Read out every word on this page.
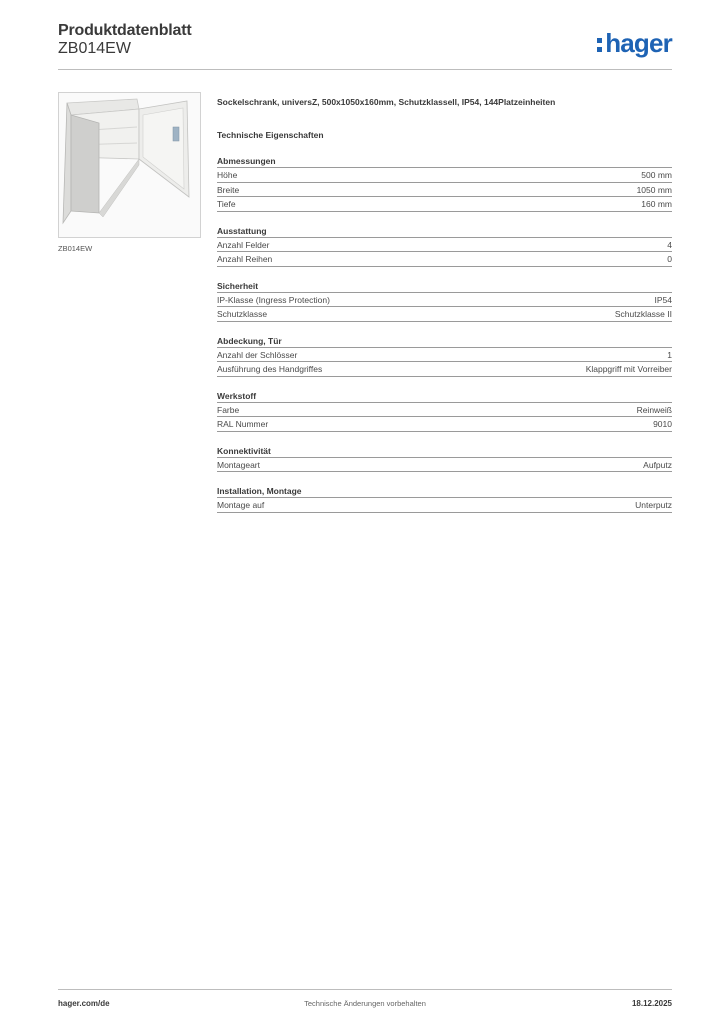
Produktdatenblatt
ZB014EW	hager
ZB014EW
Sockelschrank, universZ, 500x1050x160mm, Schutzklassell, IP54, 144Platzeinheiten
Technische Eigenschaften
Abmessungen
Höhe	500 mm
Breite	1050 mm
Tiefe	160 mm
Ausstattung
Anzahl Felder	4
Anzahl Reihen	0
Sicherheit
IP-Klasse (Ingress Protection)	IP54
Schutzklasse	Schutzklasse II
Abdeckung, Tür
Anzahl der Schlösser	1
Ausführung des Handgriffes	Klappgriff mit Vorreiber
Werkstoff
Farbe	Reinweiß
RAL Nummer	9010
Konnektivität
Montageart	Aufputz
Installation, Montage
Montage auf	Unterputz
hager.com/de	Technische Änderungen vorbehalten	18.12.2025
